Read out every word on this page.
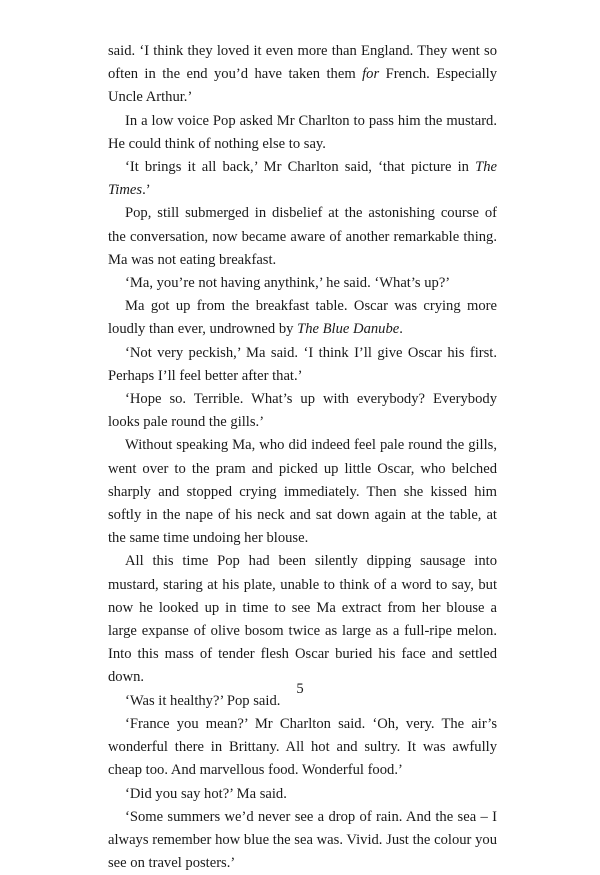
said. ‘I think they loved it even more than England. They went so often in the end you’d have taken them for French. Especially Uncle Arthur.’

In a low voice Pop asked Mr Charlton to pass him the mustard. He could think of nothing else to say.

‘It brings it all back,’ Mr Charlton said, ‘that picture in The Times.’

Pop, still submerged in disbelief at the astonishing course of the conversation, now became aware of another remarkable thing. Ma was not eating breakfast.

‘Ma, you’re not having anythink,’ he said. ‘What’s up?’

Ma got up from the breakfast table. Oscar was crying more loudly than ever, undrowned by The Blue Danube.

‘Not very peckish,’ Ma said. ‘I think I’ll give Oscar his first. Perhaps I’ll feel better after that.’

‘Hope so. Terrible. What’s up with everybody? Everybody looks pale round the gills.’

Without speaking Ma, who did indeed feel pale round the gills, went over to the pram and picked up little Oscar, who belched sharply and stopped crying immediately. Then she kissed him softly in the nape of his neck and sat down again at the table, at the same time undoing her blouse.

All this time Pop had been silently dipping sausage into mustard, staring at his plate, unable to think of a word to say, but now he looked up in time to see Ma extract from her blouse a large expanse of olive bosom twice as large as a full-ripe melon. Into this mass of tender flesh Oscar buried his face and settled down.

‘Was it healthy?’ Pop said.

‘France you mean?’ Mr Charlton said. ‘Oh, very. The air’s wonderful there in Brittany. All hot and sultry. It was awfully cheap too. And marvellous food. Wonderful food.’

‘Did you say hot?’ Ma said.

‘Some summers we’d never see a drop of rain. And the sea – I always remember how blue the sea was. Vivid. Just the colour you see on travel posters.’

5
